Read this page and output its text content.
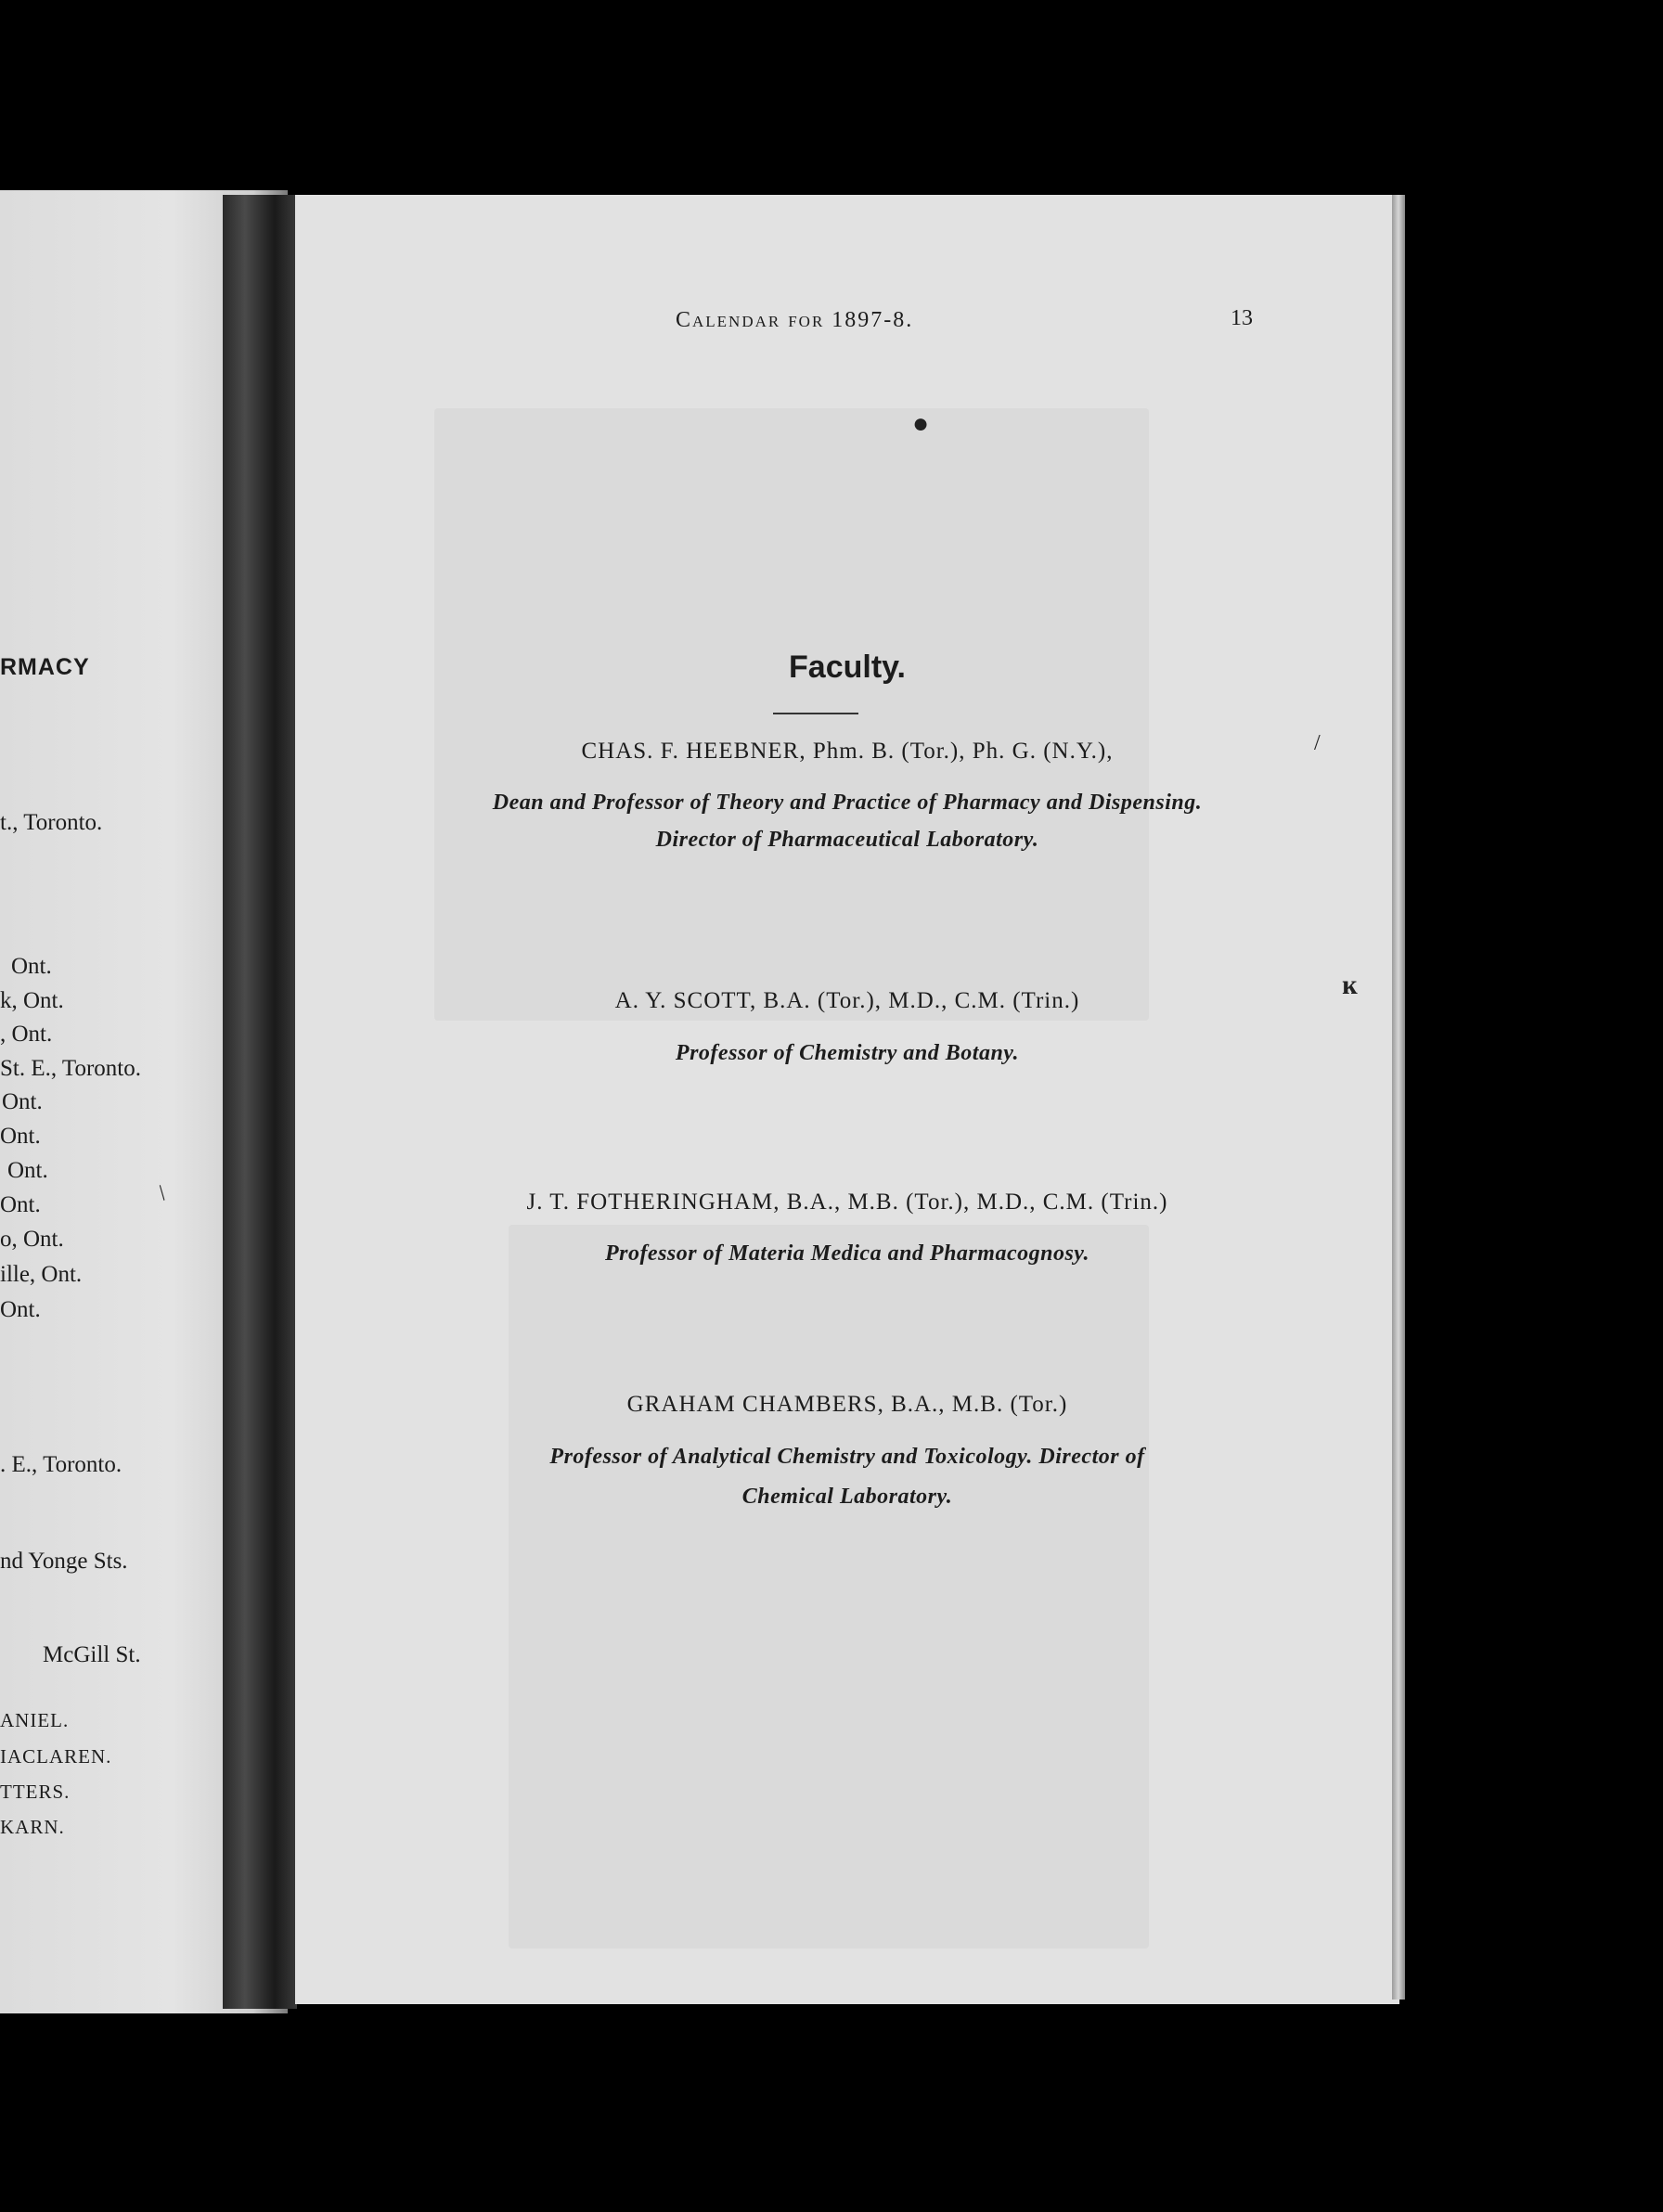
RMACY
t., Toronto.
Ont.
k, Ont.
, Ont.
St. E., Toronto.
Ont.
Ont.
Ont.
Ont.
o, Ont.
ille, Ont.
Ont.
. E., Toronto.
nd Yonge Sts.
McGill St.
ANIEL.
IACLAREN.
TTERS.
KARN.
/
Calendar for 1897-8.	13
Faculty.
CHAS. F. HEEBNER, Phm. B. (Tor.), Ph. G. (N.Y.),
Dean and Professor of Theory and Practice of Pharmacy and Dispensing.
Director of Pharmaceutical Laboratory.
A. Y. SCOTT, B.A. (Tor.), M.D., C.M. (Trin.)
Professor of Chemistry and Botany.
J. T. FOTHERINGHAM, B.A., M.B. (Tor.), M.D., C.M. (Trin.)
Professor of Materia Medica and Pharmacognosy.
GRAHAM CHAMBERS, B.A., M.B. (Tor.)
Professor of Analytical Chemistry and Toxicology. Director of
Chemical Laboratory.
●
ĸ
/
